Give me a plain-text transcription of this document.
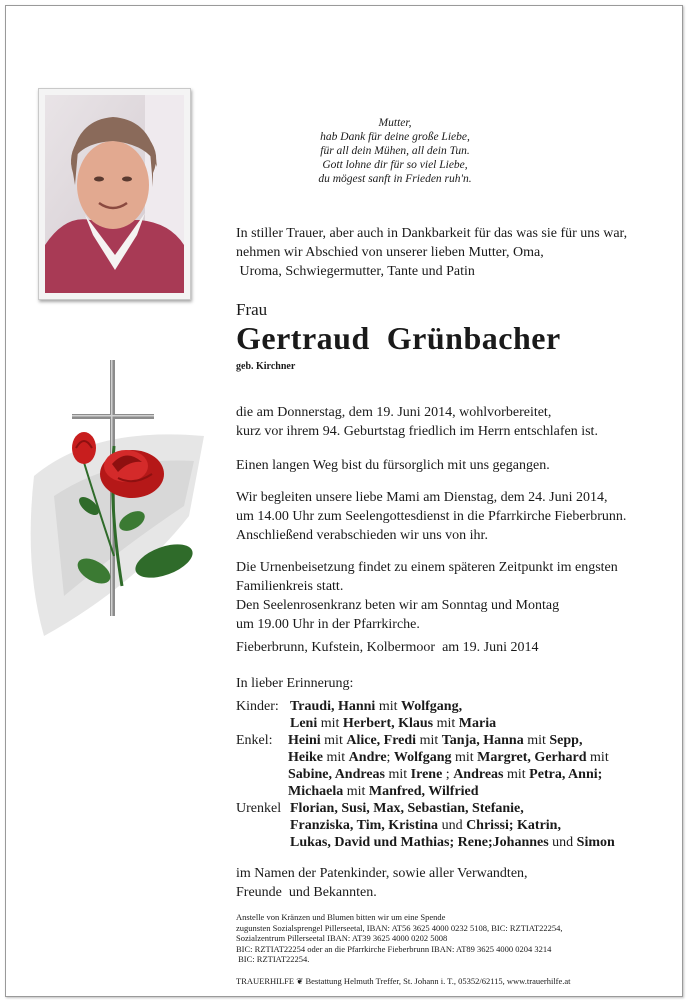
Mutter,
hab Dank für deine große Liebe,
für all dein Mühen, all dein Tun.
Gott lohne dir für so viel Liebe,
du mögest sanft in Frieden ruh'n.
In stiller Trauer, aber auch in Dankbarkeit für das was sie für uns war,
nehmen wir Abschied von unserer lieben Mutter, Oma,
Uroma, Schwiegermutter, Tante und Patin
Frau
Gertraud  Grünbacher
geb. Kirchner
die am Donnerstag, dem 19. Juni 2014, wohlvorbereitet,
kurz vor ihrem 94. Geburtstag friedlich im Herrn entschlafen ist.
Einen langen Weg bist du fürsorglich mit uns gegangen.
Wir begleiten unsere liebe Mami am Dienstag, dem 24. Juni 2014,
um 14.00 Uhr zum Seelengottesdienst in die Pfarrkirche Fieberbrunn.
Anschließend verabschieden wir uns von ihr.
Die Urnenbeisetzung findet zu einem späteren Zeitpunkt im engsten
Familienkreis statt.
Den Seelenrosenkranz beten wir am Sonntag und Montag
um 19.00 Uhr in der Pfarrkirche.
Fieberbrunn, Kufstein, Kolbermoor  am 19. Juni 2014
In lieber Erinnerung:
Kinder: Traudi, Hanni mit Wolfgang,
Leni mit Herbert, Klaus mit Maria
Enkel:	Heini mit Alice, Fredi mit Tanja, Hanna mit Sepp,
Heike mit Andre; Wolfgang mit Margret, Gerhard mit
Sabine, Andreas mit Irene ; Andreas mit Petra, Anni;
Michaela mit Manfred, Wilfried
Urenkel Florian, Susi, Max, Sebastian, Stefanie,
Franziska, Tim, Kristina und Chrissi; Katrin,
Lukas, David und Mathias; Rene;Johannes und Simon
im Namen der Patenkinder, sowie aller Verwandten,
Freunde  und Bekannten.
Anstelle von Kränzen und Blumen bitten wir um eine Spende
zugunsten Sozialsprengel Pillerseetal, IBAN: AT56 3625 4000 0232 5108, BIC: RZTIAT22254,
Sozialzentrum Pillerseetal IBAN: AT39 3625 4000 0202 5008
BIC: RZTIAT22254 oder an die Pfarrkirche Fieberbrunn IBAN: AT89 3625 4000 0204 3214
BIC: RZTIAT22254.
TRAUERHILFE ❦ Bestattung Helmuth Treffer, St. Johann i. T., 05352/62115, www.trauerhilfe.at
